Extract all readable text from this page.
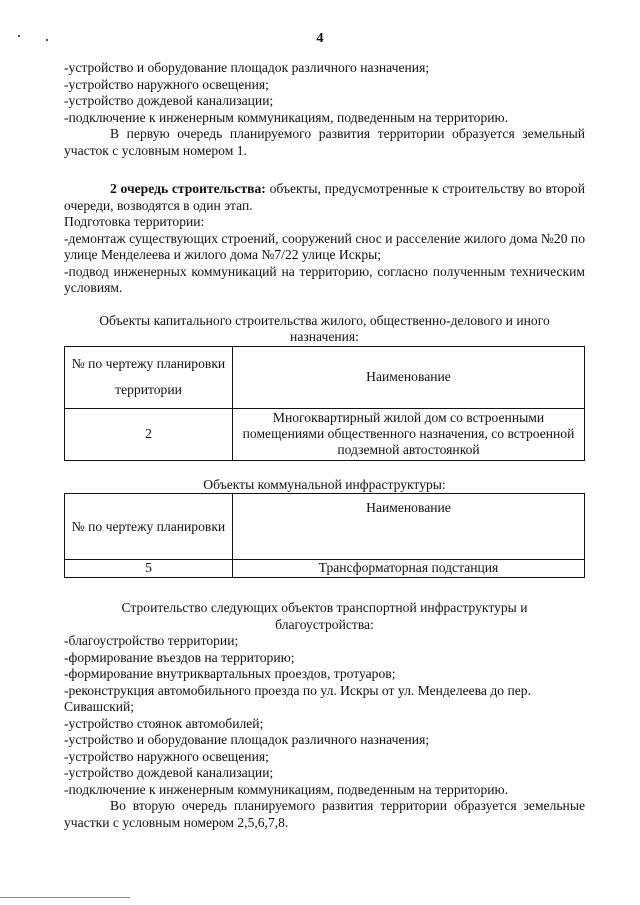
4

-устройство и оборудование площадок различного назначения;

-устройство наружного освещения;

-устройство дождевой канализации;

-подключение к инженерным коммуникациям, подведенным на территорию.

В первую очередь планируемого развития территории образуется земельный участок с условным номером 1.

2 очередь строительства: объекты, предусмотренные к строительству во второй очереди, возводятся в один этап.

Подготовка территории:

-демонтаж существующих строений, сооружений снос и расселение жилого дома №20 по улице Менделеева и жилого дома №7/22 улице Искры;

-подвод инженерных коммуникаций на территорию, согласно полученным техническим условиям.

Объекты капитального строительства жилого, общественно-делового и иного назначения:

№ по чертежу планировки территории	Наименование
2	Многоквартирный жилой дом со встроенными помещениями общественного назначения, со встроенной подземной автостоянкой

Объекты коммунальной инфраструктуры:

№ по чертежу планировки	Наименование
5	Трансформаторная подстанция

Строительство следующих объектов транспортной инфраструктуры и благоустройства:

-благоустройство территории;

-формирование въездов на территорию;

-формирование внутриквартальных проездов, тротуаров;

-реконструкция автомобильного проезда по ул. Искры от ул. Менделеева до пер. Сивашский;

-устройство стоянок автомобилей;

-устройство и оборудование площадок различного назначения;

-устройство наружного освещения;

-устройство дождевой канализации;

-подключение к инженерным коммуникациям, подведенным на территорию.

Во вторую очередь планируемого развития территории образуется земельные участки с условным номером 2,5,6,7,8.
